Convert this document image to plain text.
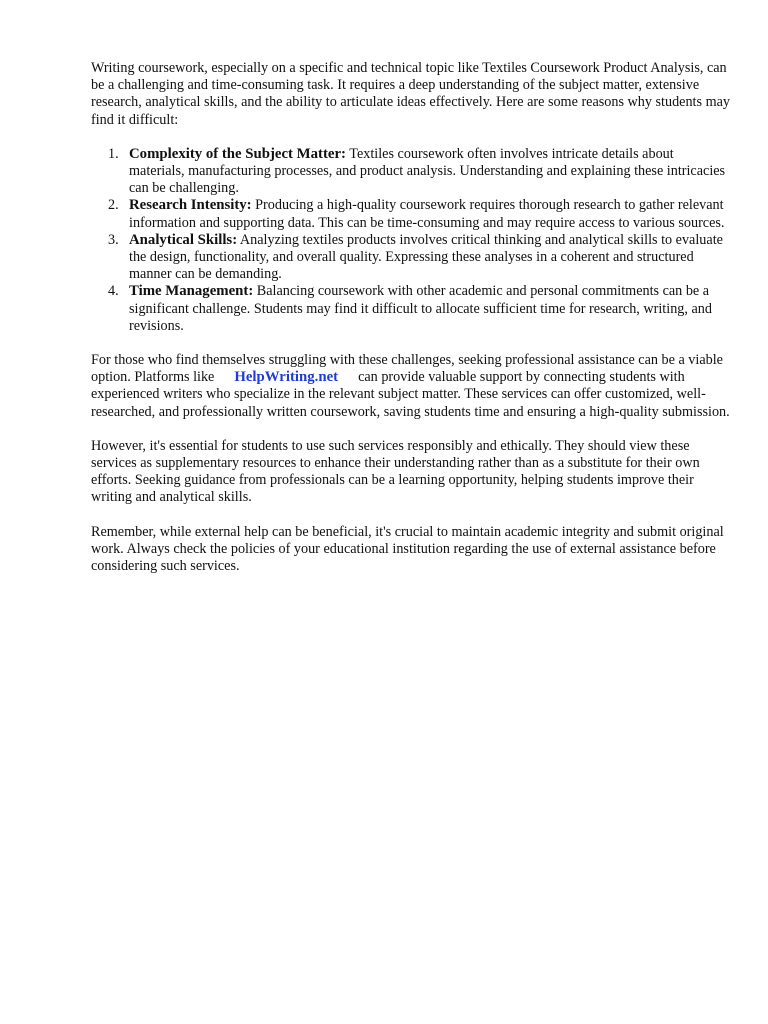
Writing coursework, especially on a specific and technical topic like Textiles Coursework Product Analysis, can be a challenging and time-consuming task. It requires a deep understanding of the subject matter, extensive research, analytical skills, and the ability to articulate ideas effectively. Here are some reasons why students may find it difficult:

1. Complexity of the Subject Matter: Textiles coursework often involves intricate details about materials, manufacturing processes, and product analysis. Understanding and explaining these intricacies can be challenging.
2. Research Intensity: Producing a high-quality coursework requires thorough research to gather relevant information and supporting data. This can be time-consuming and may require access to various sources.
3. Analytical Skills: Analyzing textiles products involves critical thinking and analytical skills to evaluate the design, functionality, and overall quality. Expressing these analyses in a coherent and structured manner can be demanding.
4. Time Management: Balancing coursework with other academic and personal commitments can be a significant challenge. Students may find it difficult to allocate sufficient time for research, writing, and revisions.

For those who find themselves struggling with these challenges, seeking professional assistance can be a viable option. Platforms like HelpWriting.net can provide valuable support by connecting students with experienced writers who specialize in the relevant subject matter. These services can offer customized, well-researched, and professionally written coursework, saving students time and ensuring a high-quality submission.

However, it's essential for students to use such services responsibly and ethically. They should view these services as supplementary resources to enhance their understanding rather than as a substitute for their own efforts. Seeking guidance from professionals can be a learning opportunity, helping students improve their writing and analytical skills.

Remember, while external help can be beneficial, it's crucial to maintain academic integrity and submit original work. Always check the policies of your educational institution regarding the use of external assistance before considering such services.
